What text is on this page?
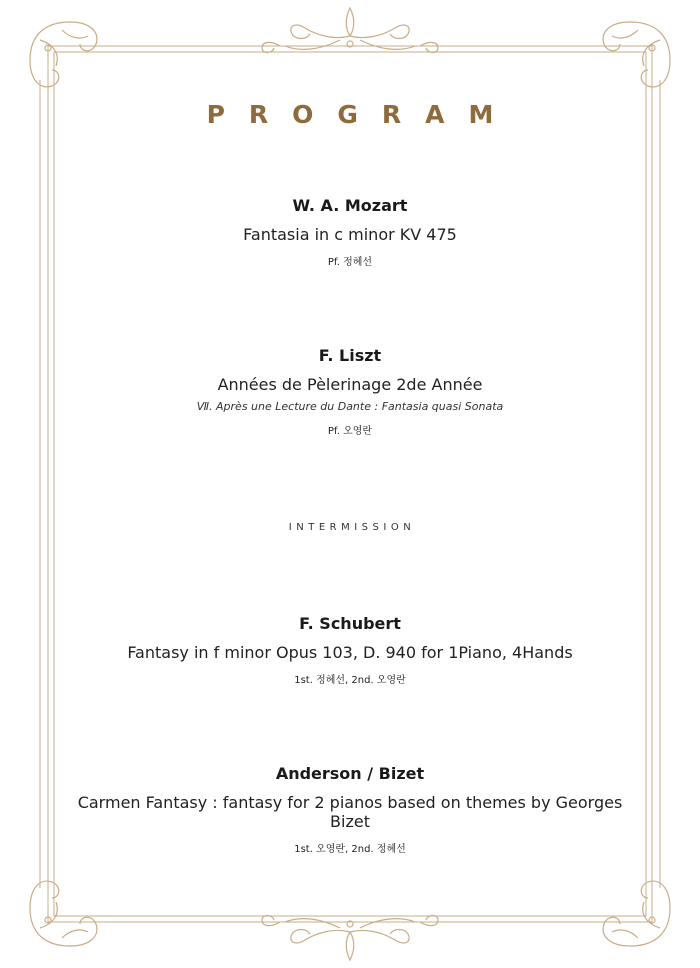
PROGRAM
W. A. Mozart
Fantasia in c minor KV 475
Pf. 정혜선
F. Liszt
Années de Pèlerinage 2de Année
Ⅶ. Après une Lecture du Dante : Fantasia quasi Sonata
Pf. 오영란
INTERMISSION
F. Schubert
Fantasy in f minor Opus 103, D. 940 for 1Piano, 4Hands
1st. 정혜선, 2nd. 오영란
Anderson / Bizet
Carmen Fantasy : fantasy for 2 pianos based on themes by Georges Bizet
1st. 오영란, 2nd. 정혜선
